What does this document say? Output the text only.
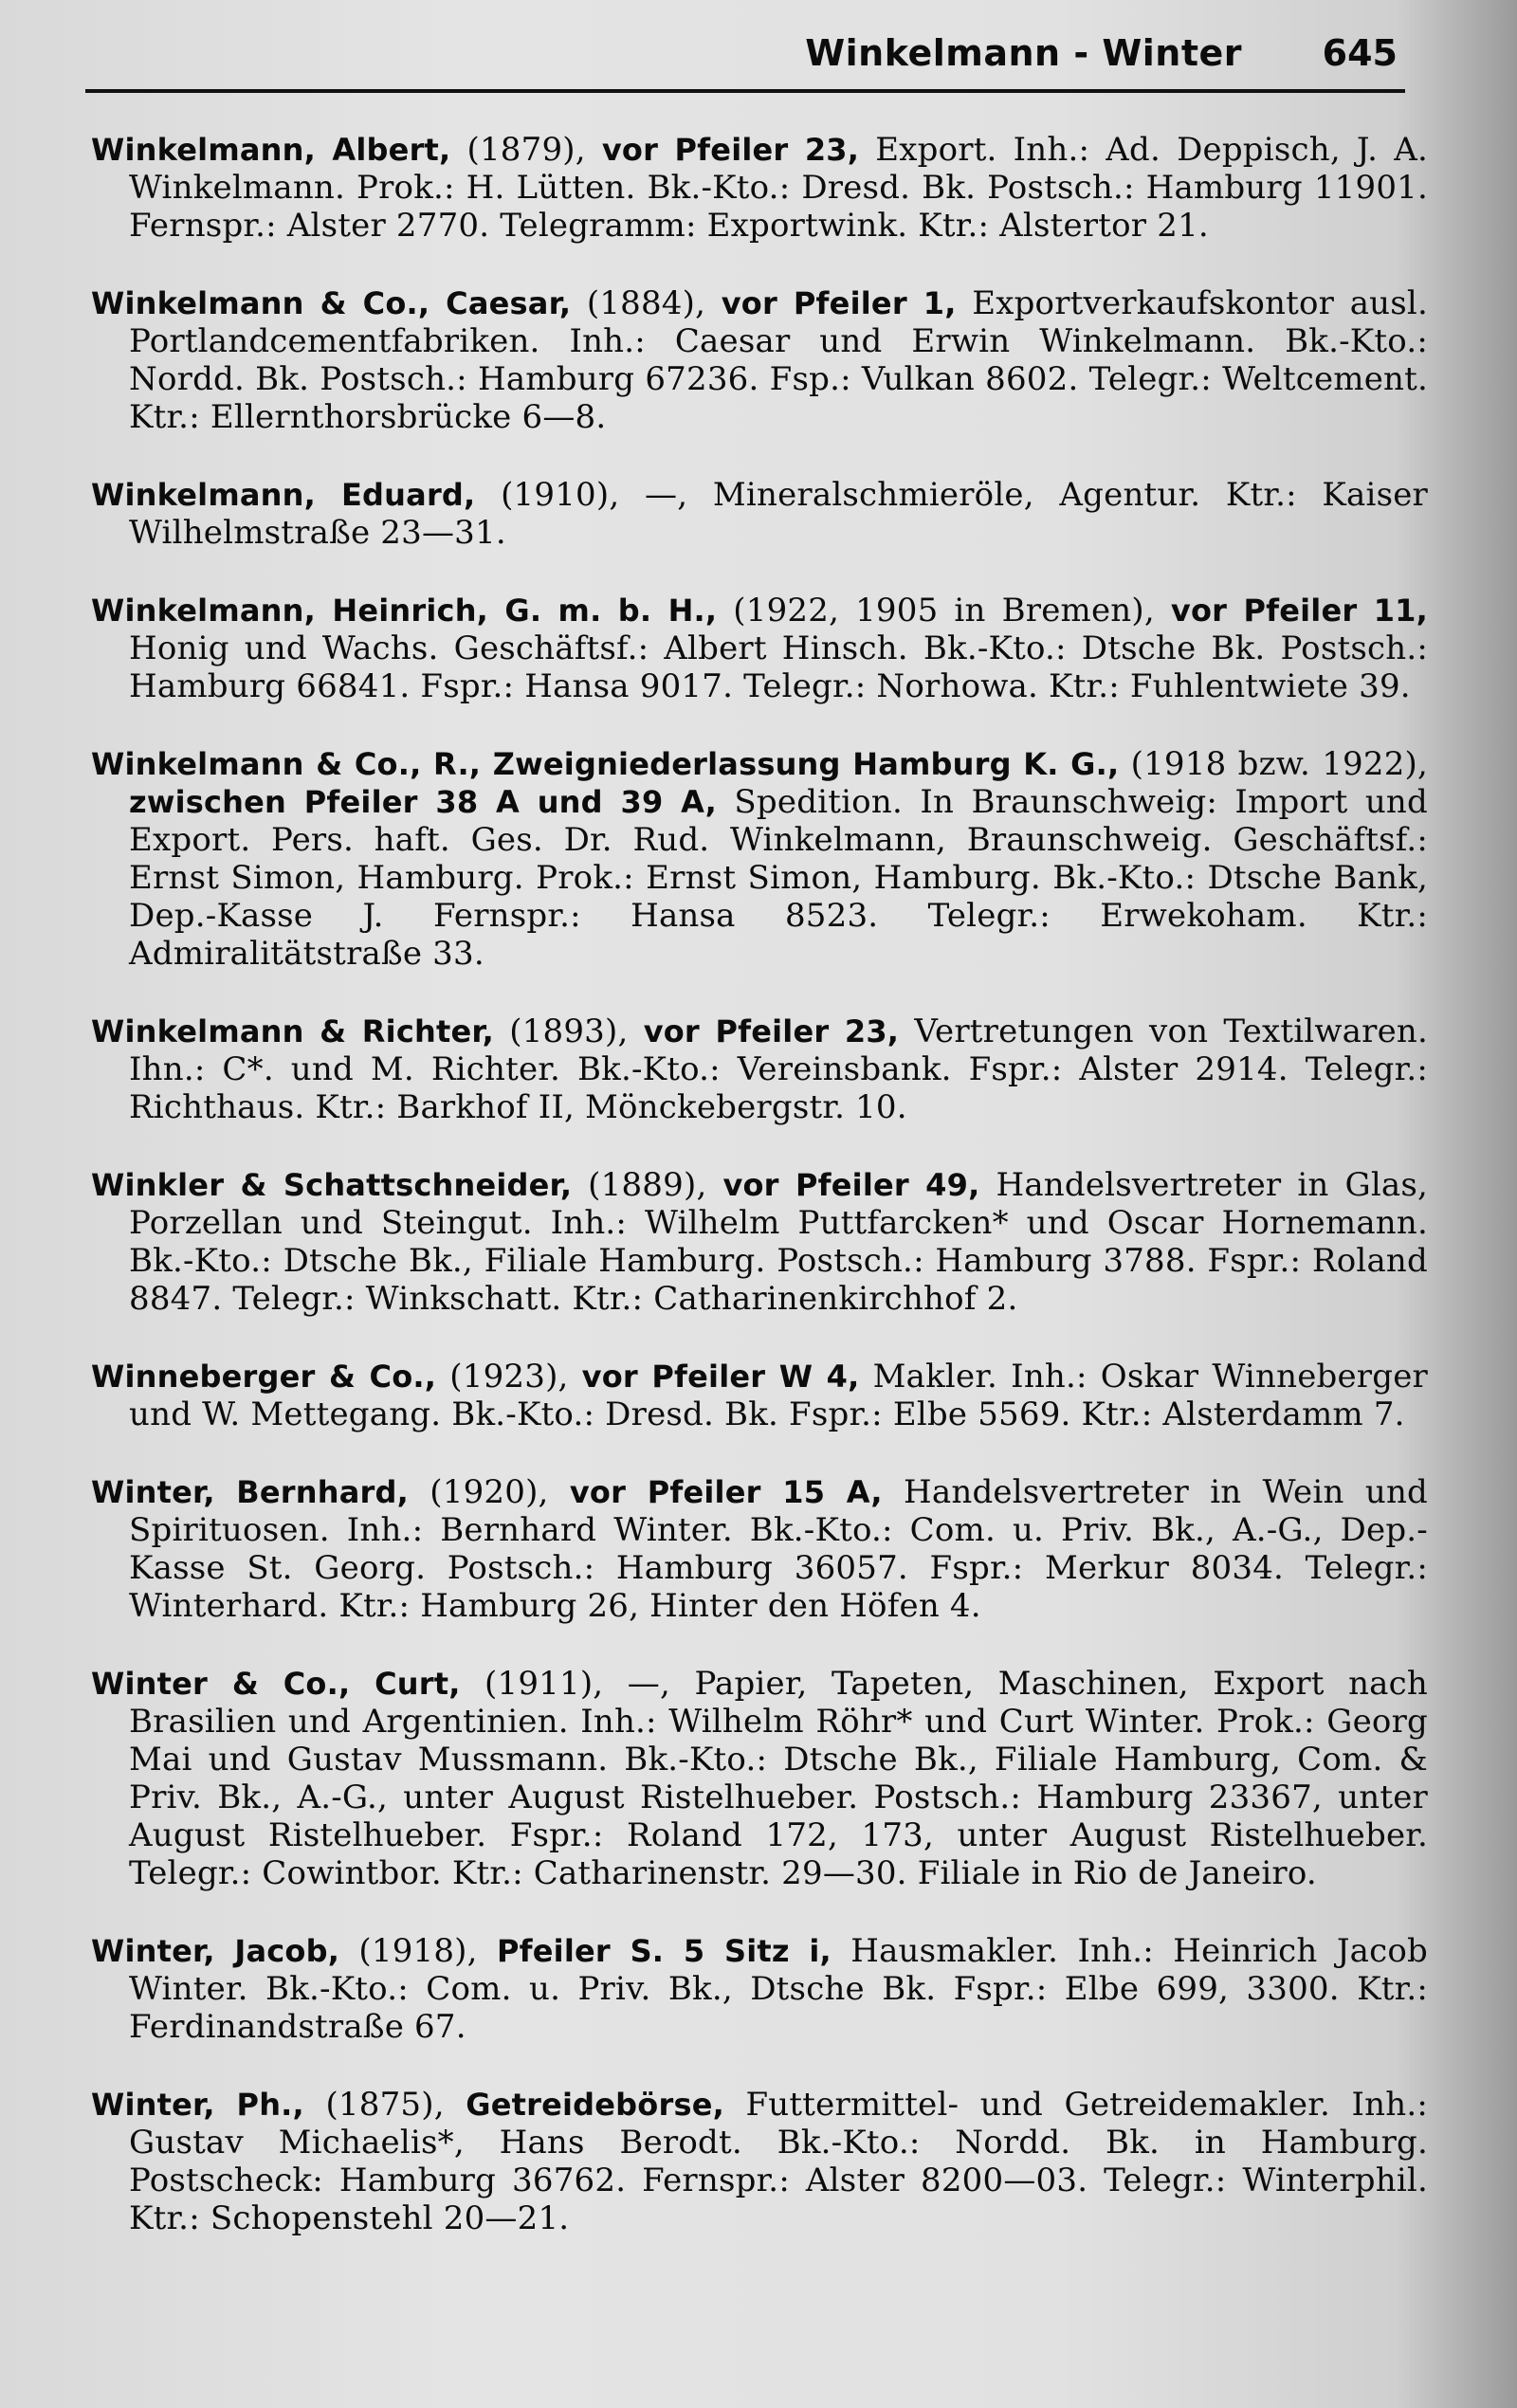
Winkelmann - Winter 645

Winkelmann, Albert, (1879), vor Pfeiler 23, Export. Inh.: Ad. Deppisch, J. A. Winkelmann. Prok.: H. Lütten. Bk.-Kto.: Dresd. Bk. Postsch.: Hamburg 11901. Fernspr.: Alster 2770. Telegramm: Exportwink. Ktr.: Alstertor 21.

Winkelmann & Co., Caesar, (1884), vor Pfeiler 1, Exportverkaufskontor ausl. Portlandcementfabriken. Inh.: Caesar und Erwin Winkelmann. Bk.-Kto.: Nordd. Bk. Postsch.: Hamburg 67236. Fsp.: Vulkan 8602. Telegr.: Weltcement. Ktr.: Ellernthorsbrücke 6—8.

Winkelmann, Eduard, (1910), —, Mineralschmieröle, Agentur. Ktr.: Kaiser Wilhelmstraße 23—31.

Winkelmann, Heinrich, G. m. b. H., (1922, 1905 in Bremen), vor Pfeiler 11, Honig und Wachs. Geschäftsf.: Albert Hinsch. Bk.-Kto.: Dtsche Bk. Postsch.: Hamburg 66841. Fspr.: Hansa 9017. Telegr.: Norhowa. Ktr.: Fuhlentwiete 39.

Winkelmann & Co., R., Zweigniederlassung Hamburg K. G., (1918 bzw. 1922), zwischen Pfeiler 38 A und 39 A, Spedition. In Braunschweig: Import und Export. Pers. haft. Ges. Dr. Rud. Winkelmann, Braunschweig. Geschäftsf.: Ernst Simon, Hamburg. Prok.: Ernst Simon, Hamburg. Bk.-Kto.: Dtsche Bank, Dep.-Kasse J. Fernspr.: Hansa 8523. Telegr.: Erwekoham. Ktr.: Admiralitätstraße 33.

Winkelmann & Richter, (1893), vor Pfeiler 23, Vertretungen von Textilwaren. Ihn.: C*. und M. Richter. Bk.-Kto.: Vereinsbank. Fspr.: Alster 2914. Telegr.: Richthaus. Ktr.: Barkhof II, Mönckebergstr. 10.

Winkler & Schattschneider, (1889), vor Pfeiler 49, Handelsvertreter in Glas, Porzellan und Steingut. Inh.: Wilhelm Puttfarcken* und Oscar Hornemann. Bk.-Kto.: Dtsche Bk., Filiale Hamburg. Postsch.: Hamburg 3788. Fspr.: Roland 8847. Telegr.: Winkschatt. Ktr.: Catharinenkirchhof 2.

Winneberger & Co., (1923), vor Pfeiler W 4, Makler. Inh.: Oskar Winneberger und W. Mettegang. Bk.-Kto.: Dresd. Bk. Fspr.: Elbe 5569. Ktr.: Alsterdamm 7.

Winter, Bernhard, (1920), vor Pfeiler 15 A, Handelsvertreter in Wein und Spirituosen. Inh.: Bernhard Winter. Bk.-Kto.: Com. u. Priv. Bk., A.-G., Dep.-Kasse St. Georg. Postsch.: Hamburg 36057. Fspr.: Merkur 8034. Telegr.: Winterhard. Ktr.: Hamburg 26, Hinter den Höfen 4.

Winter & Co., Curt, (1911), —, Papier, Tapeten, Maschinen, Export nach Brasilien und Argentinien. Inh.: Wilhelm Röhr* und Curt Winter. Prok.: Georg Mai und Gustav Mussmann. Bk.-Kto.: Dtsche Bk., Filiale Hamburg, Com. & Priv. Bk., A.-G., unter August Ristelhueber. Postsch.: Hamburg 23367, unter August Ristelhueber. Fspr.: Roland 172, 173, unter August Ristelhueber. Telegr.: Cowintbor. Ktr.: Catharinenstr. 29—30. Filiale in Rio de Janeiro.

Winter, Jacob, (1918), Pfeiler S. 5 Sitz i, Hausmakler. Inh.: Heinrich Jacob Winter. Bk.-Kto.: Com. u. Priv. Bk., Dtsche Bk. Fspr.: Elbe 699, 3300. Ktr.: Ferdinandstraße 67.

Winter, Ph., (1875), Getreidebörse, Futtermittel- und Getreidemakler. Inh.: Gustav Michaelis*, Hans Berodt. Bk.-Kto.: Nordd. Bk. in Hamburg. Postscheck: Hamburg 36762. Fernspr.: Alster 8200—03. Telegr.: Winterphil. Ktr.: Schopenstehl 20—21.
